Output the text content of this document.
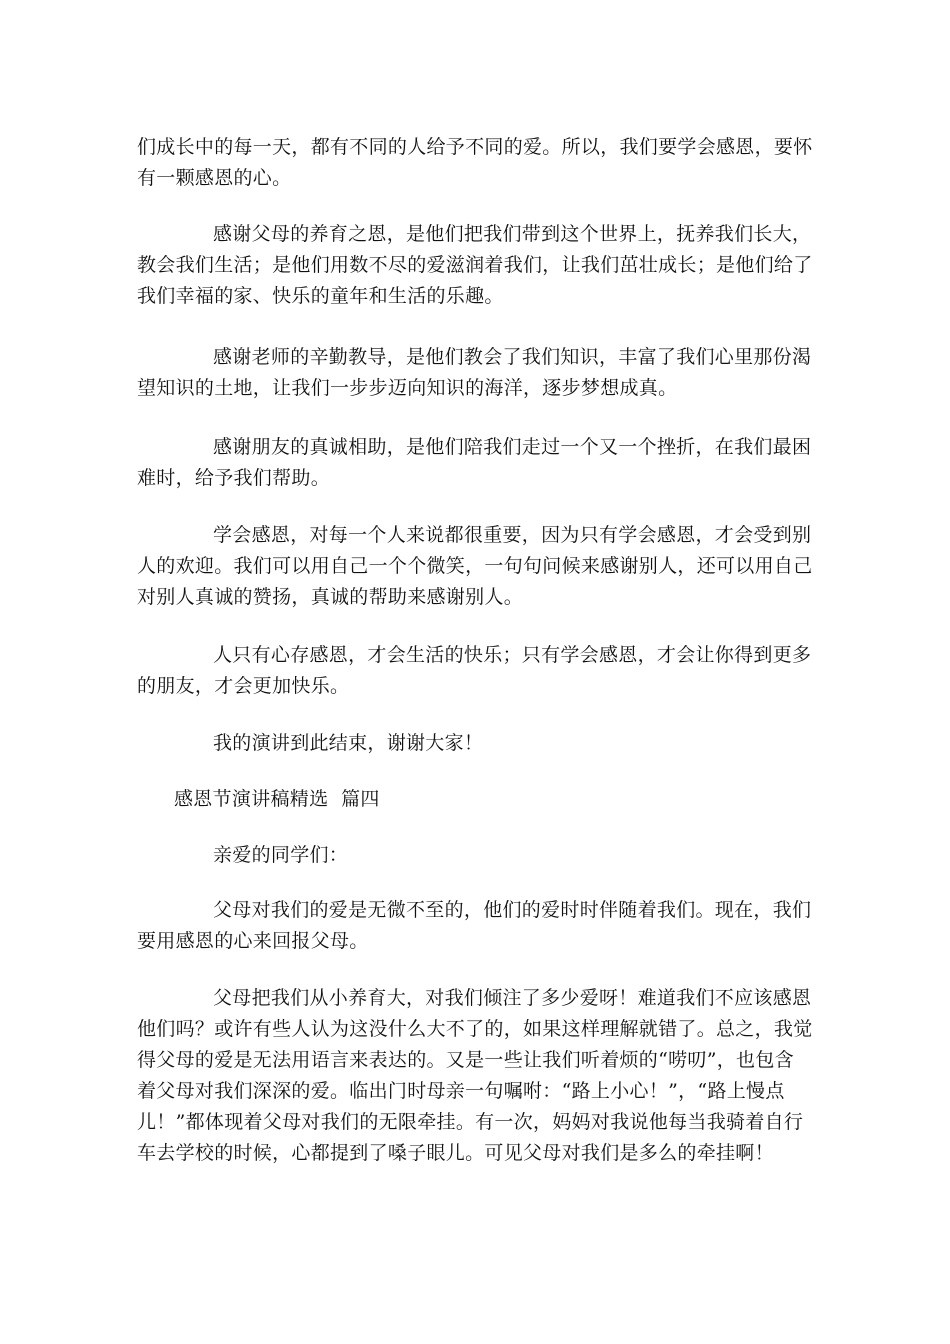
们成长中的每一天，都有不同的人给予不同的爱。所以，我们要学会感恩，要怀
有一颗感恩的心。
感谢父母的养育之恩，是他们把我们带到这个世界上，抚养我们长大，
教会我们生活；是他们用数不尽的爱滋润着我们，让我们茁壮成长；是他们给了
我们幸福的家、快乐的童年和生活的乐趣。
感谢老师的辛勤教导，是他们教会了我们知识，丰富了我们心里那份渴
望知识的土地，让我们一步步迈向知识的海洋，逐步梦想成真。
感谢朋友的真诚相助，是他们陪我们走过一个又一个挫折，在我们最困
难时，给予我们帮助。
学会感恩，对每一个人来说都很重要，因为只有学会感恩，才会受到别
人的欢迎。我们可以用自己一个个微笑，一句句问候来感谢别人，还可以用自己
对别人真诚的赞扬，真诚的帮助来感谢别人。
人只有心存感恩，才会生活的快乐；只有学会感恩，才会让你得到更多
的朋友，才会更加快乐。
我的演讲到此结束，谢谢大家！
感恩节演讲稿精选  篇四
亲爱的同学们：
父母对我们的爱是无微不至的，他们的爱时时伴随着我们。现在，我们
要用感恩的心来回报父母。
父母把我们从小养育大，对我们倾注了多少爱呀！难道我们不应该感恩
他们吗？或许有些人认为这没什么大不了的，如果这样理解就错了。总之，我觉
得父母的爱是无法用语言来表达的。又是一些让我们听着烦的“唠叨”，也包含
着父母对我们深深的爱。临出门时母亲一句嘱咐：“路上小心！”，“路上慢点
儿！”都体现着父母对我们的无限牵挂。有一次，妈妈对我说他每当我骑着自行
车去学校的时候，心都提到了嗓子眼儿。可见父母对我们是多么的牵挂啊！
